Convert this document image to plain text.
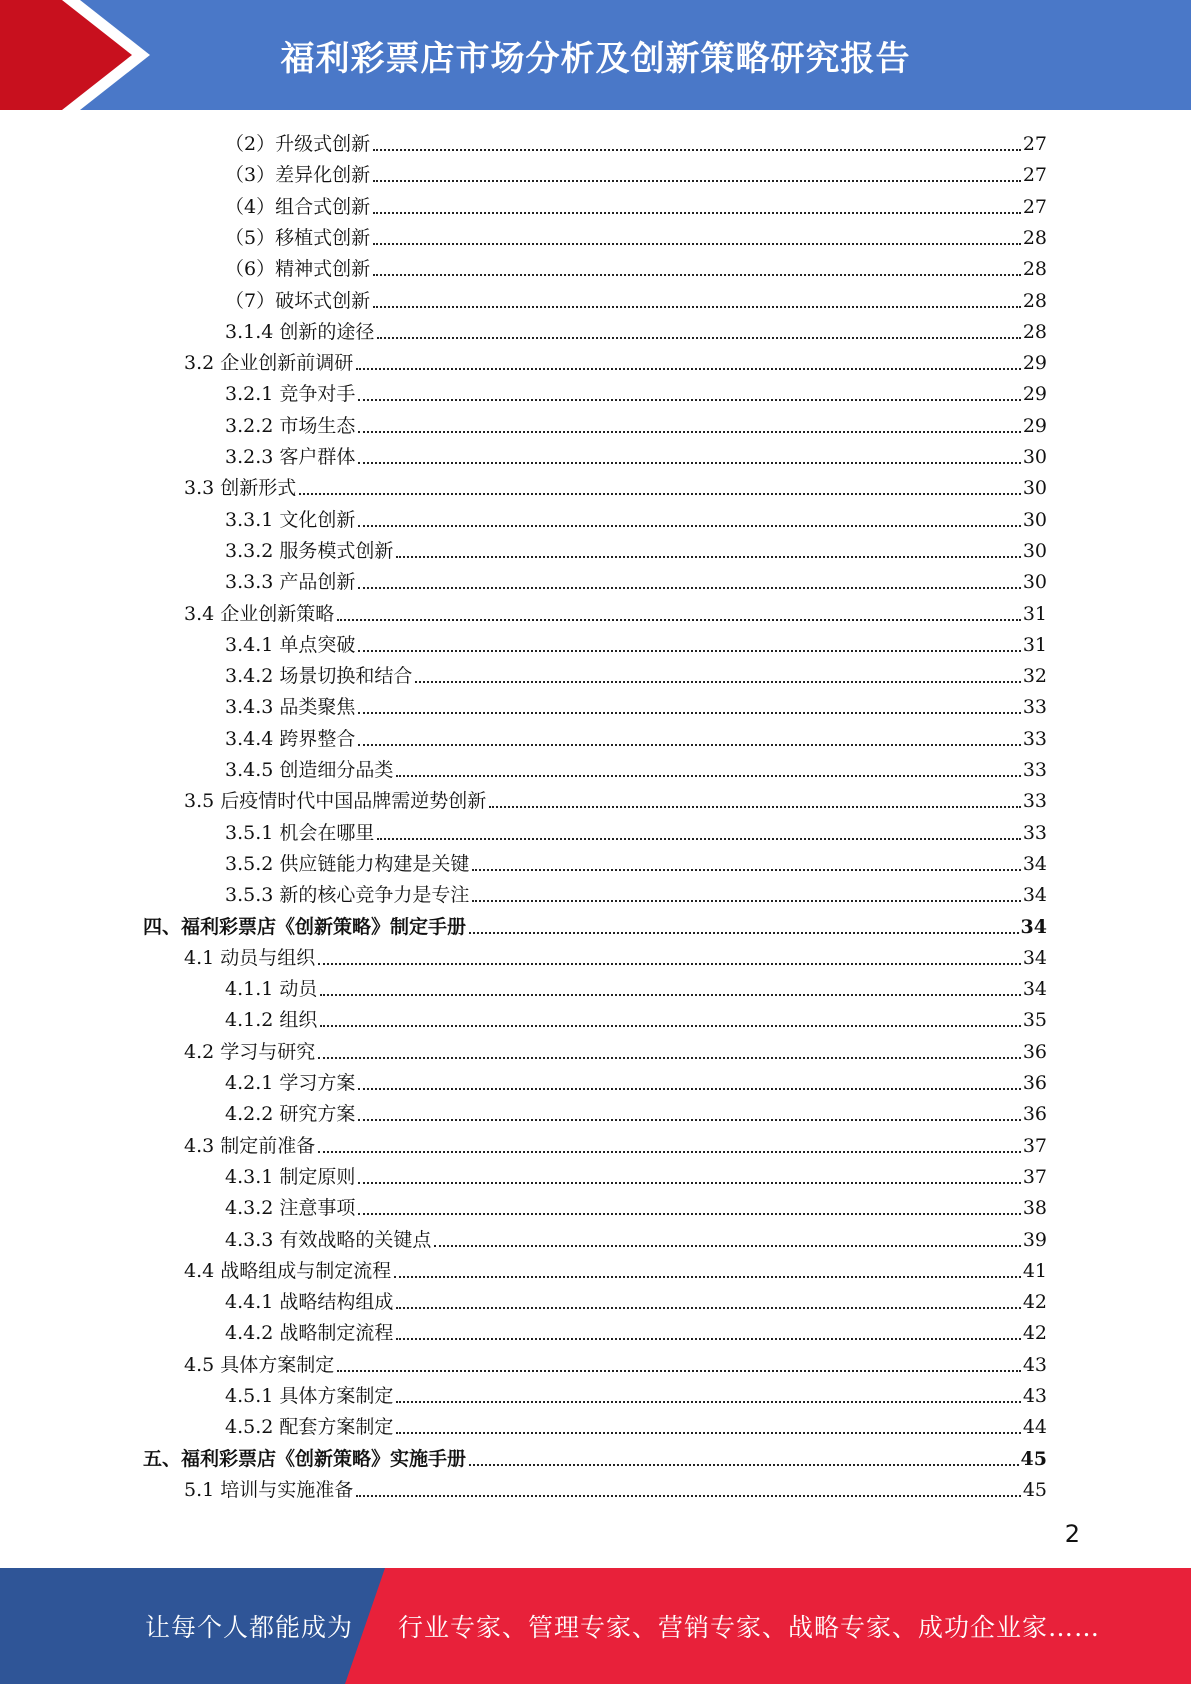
福利彩票店市场分析及创新策略研究报告
（2）升级式创新	27
（3）差异化创新	27
（4）组合式创新	27
（5）移植式创新	28
（6）精神式创新	28
（7）破坏式创新	28
3.1.4 创新的途径	28
3.2 企业创新前调研	29
3.2.1 竞争对手	29
3.2.2 市场生态	29
3.2.3 客户群体	30
3.3 创新形式	30
3.3.1 文化创新	30
3.3.2 服务模式创新	30
3.3.3 产品创新	30
3.4 企业创新策略	31
3.4.1 单点突破	31
3.4.2 场景切换和结合	32
3.4.3 品类聚焦	33
3.4.4 跨界整合	33
3.4.5 创造细分品类	33
3.5 后疫情时代中国品牌需逆势创新	33
3.5.1 机会在哪里	33
3.5.2 供应链能力构建是关键	34
3.5.3 新的核心竞争力是专注	34
四、福利彩票店《创新策略》制定手册	34
4.1 动员与组织	34
4.1.1 动员	34
4.1.2 组织	35
4.2 学习与研究	36
4.2.1 学习方案	36
4.2.2 研究方案	36
4.3 制定前准备	37
4.3.1 制定原则	37
4.3.2 注意事项	38
4.3.3 有效战略的关键点	39
4.4 战略组成与制定流程	41
4.4.1 战略结构组成	42
4.4.2 战略制定流程	42
4.5 具体方案制定	43
4.5.1 具体方案制定	43
4.5.2 配套方案制定	44
五、福利彩票店《创新策略》实施手册	45
5.1 培训与实施准备	45
2
让每个人都能成为 行业专家、管理专家、营销专家、战略专家、成功企业家……
